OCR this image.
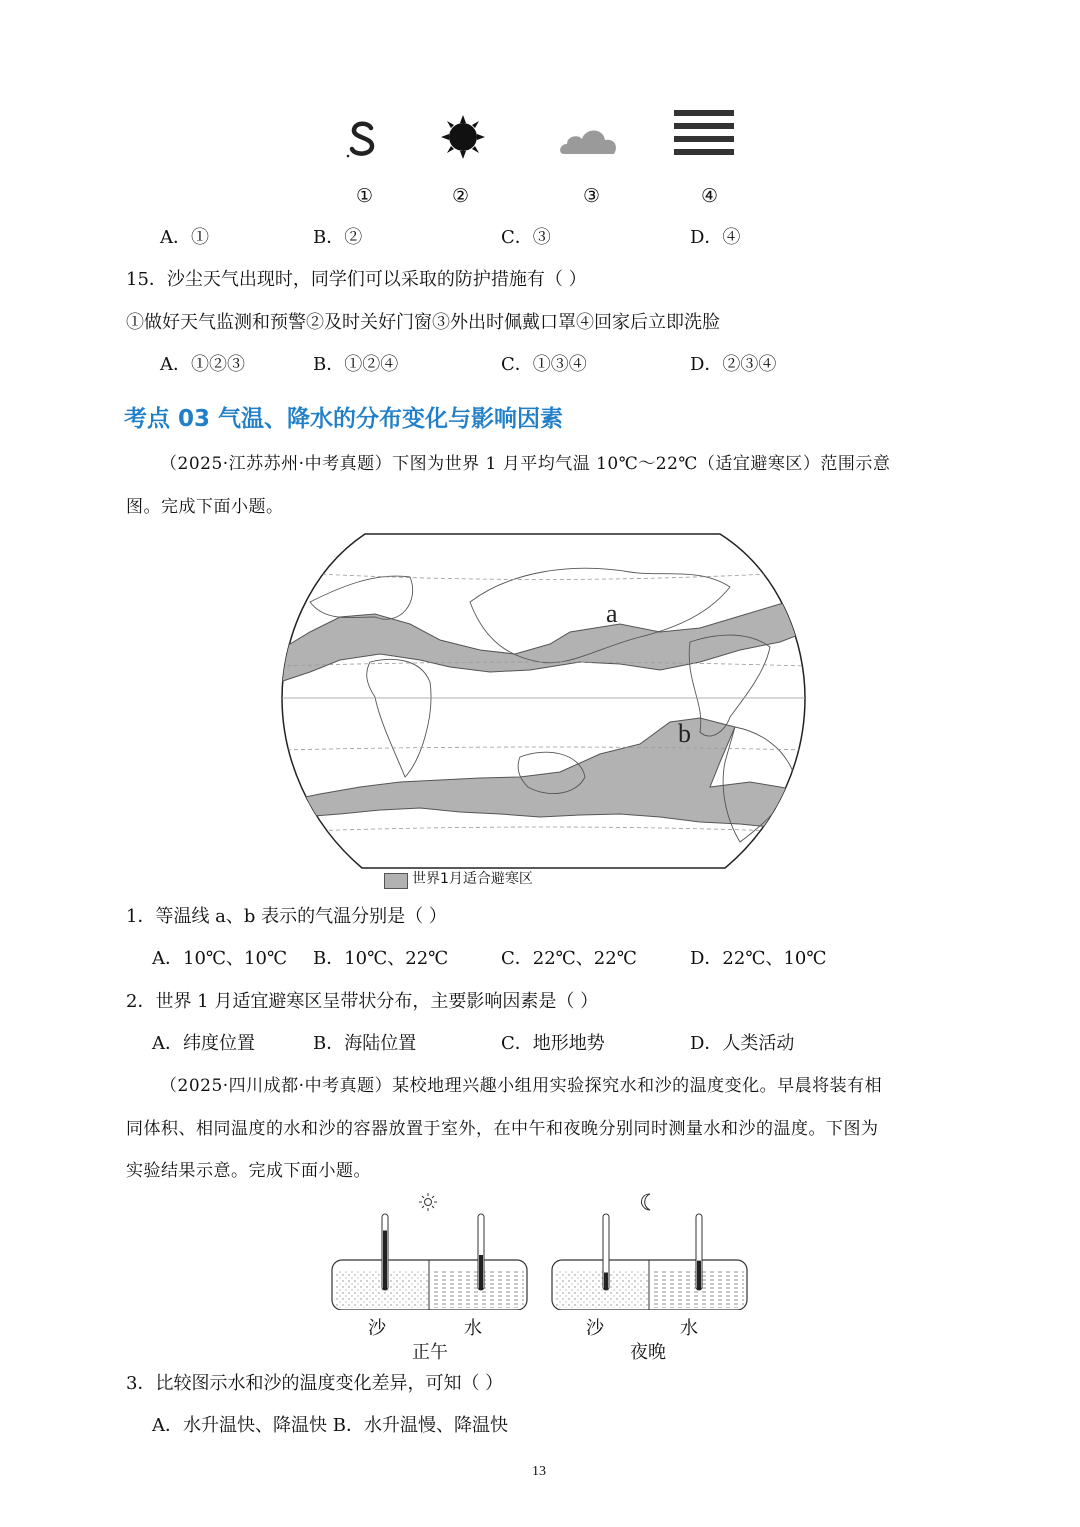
①	②	③	④
A．①	B．②	C．③	D．④
15．沙尘天气出现时，同学们可以采取的防护措施有（ ）
①做好天气监测和预警②及时关好门窗③外出时佩戴口罩④回家后立即洗脸
A．①②③	B．①②④	C．①③④	D．②③④
考点 03 气温、降水的分布变化与影响因素
（2025·江苏苏州·中考真题）下图为世界 1 月平均气温 10℃～22℃（适宜避寒区）范围示意
图。完成下面小题。
a
b
世界1月适合避寒区
1．等温线 a、b 表示的气温分别是（ ）
A．10℃、10℃ B．10℃、22℃	C．22℃、22℃	D．22℃、10℃
2．世界 1 月适宜避寒区呈带状分布，主要影响因素是（ ）
A．纬度位置	B．海陆位置	C．地形地势	D．人类活动
（2025·四川成都·中考真题）某校地理兴趣小组用实验探究水和沙的温度变化。早晨将装有相
同体积、相同温度的水和沙的容器放置于室外，在中午和夜晚分别同时测量水和沙的温度。下图为
实验结果示意。完成下面小题。
沙	水
正午
沙	水
夜晚
3．比较图示水和沙的温度变化差异，可知（ ）
A．水升温快、降温快 B．水升温慢、降温快
13
